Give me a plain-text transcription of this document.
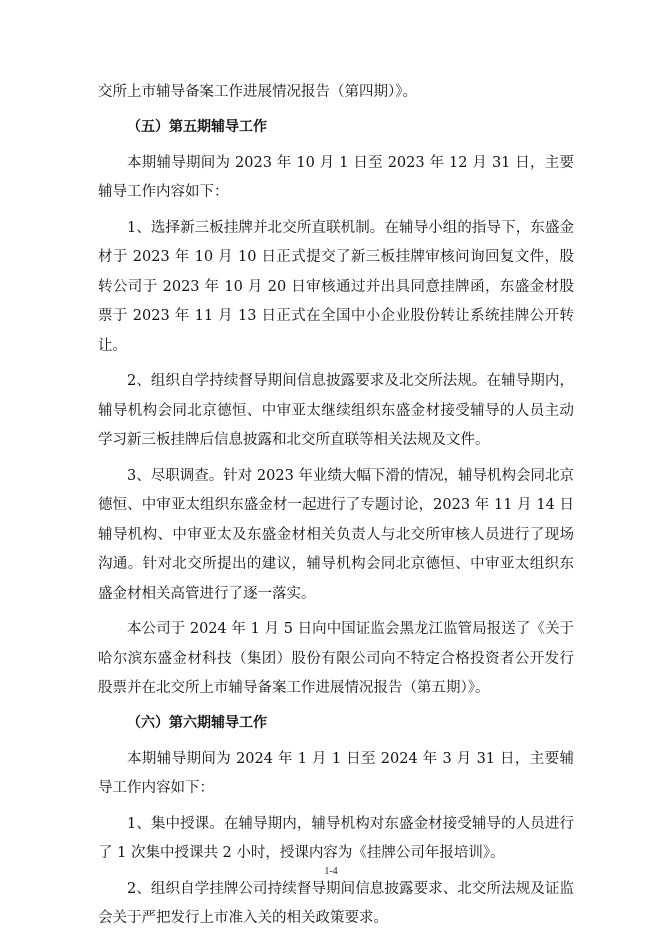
交所上市辅导备案工作进展情况报告（第四期）》。

（五）第五期辅导工作

本期辅导期间为 2023 年 10 月 1 日至 2023 年 12 月 31 日，主要辅导工作内容如下：

1、选择新三板挂牌并北交所直联机制。在辅导小组的指导下，东盛金材于 2023 年 10 月 10 日正式提交了新三板挂牌审核问询回复文件，股转公司于 2023 年 10 月 20 日审核通过并出具同意挂牌函，东盛金材股票于 2023 年 11 月 13 日正式在全国中小企业股份转让系统挂牌公开转让。

2、组织自学持续督导期间信息披露要求及北交所法规。在辅导期内，辅导机构会同北京德恒、中审亚太继续组织东盛金材接受辅导的人员主动学习新三板挂牌后信息披露和北交所直联等相关法规及文件。

3、尽职调查。针对 2023 年业绩大幅下滑的情况，辅导机构会同北京德恒、中审亚太组织东盛金材一起进行了专题讨论，2023 年 11 月 14 日辅导机构、中审亚太及东盛金材相关负责人与北交所审核人员进行了现场沟通。针对北交所提出的建议，辅导机构会同北京德恒、中审亚太组织东盛金材相关高管进行了逐一落实。

本公司于 2024 年 1 月 5 日向中国证监会黑龙江监管局报送了《关于哈尔滨东盛金材科技（集团）股份有限公司向不特定合格投资者公开发行股票并在北交所上市辅导备案工作进展情况报告（第五期）》。

（六）第六期辅导工作

本期辅导期间为 2024 年 1 月 1 日至 2024 年 3 月 31 日，主要辅导工作内容如下：

1、集中授课。在辅导期内，辅导机构对东盛金材接受辅导的人员进行了 1 次集中授课共 2 小时，授课内容为《挂牌公司年报培训》。

2、组织自学挂牌公司持续督导期间信息披露要求、北交所法规及证监会关于严把发行上市准入关的相关政策要求。

1-4
